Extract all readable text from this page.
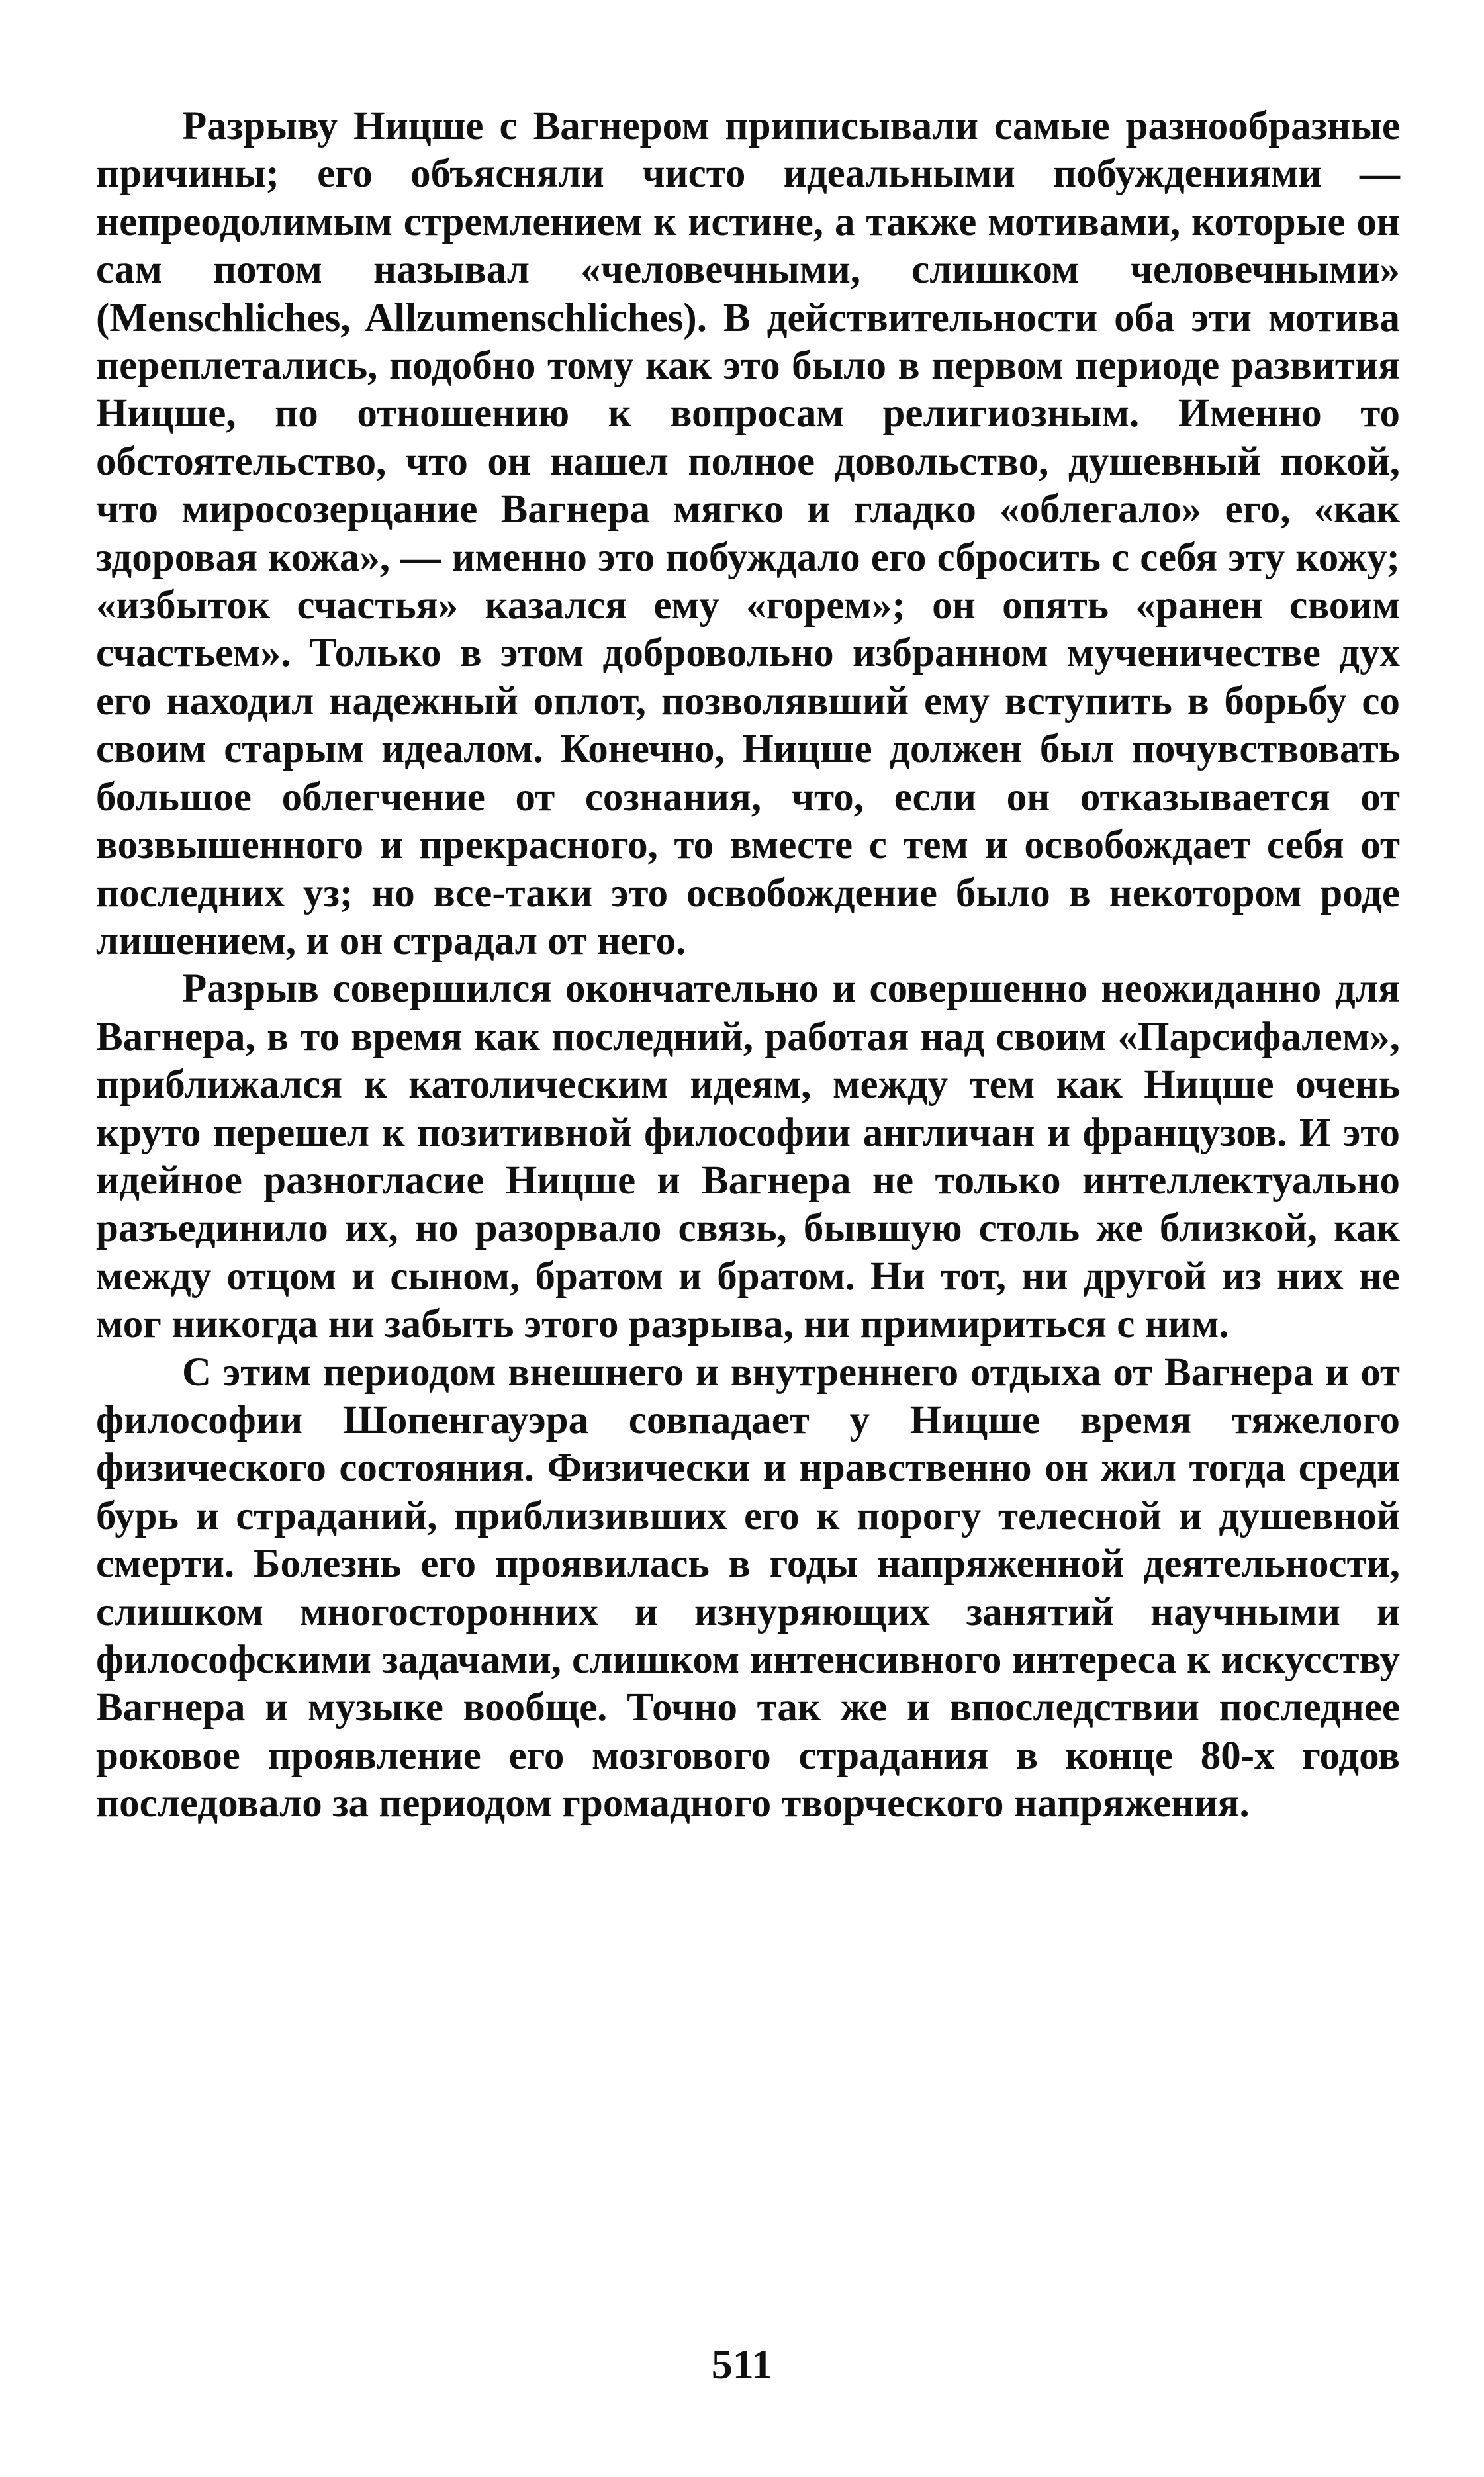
Разрыву Ницше с Вагнером приписывали самые разнообразные причины; его объясняли чисто идеальными побуждениями — непреодолимым стремлением к истине, а также мотивами, которые он сам потом называл «человечными, слишком человечными» (Menschliches, Allzumenschliches). В действительности оба эти мотива переплетались, подобно тому как это было в первом периоде развития Ницше, по отношению к вопросам религиозным. Именно то обстоятельство, что он нашел полное довольство, душевный покой, что миросозерцание Вагнера мягко и гладко «облегало» его, «как здоровая кожа», — именно это побуждало его сбросить с себя эту кожу; «избыток счастья» казался ему «горем»; он опять «ранен своим счастьем». Только в этом добровольно избранном мученичестве дух его находил надежный оплот, позволявший ему вступить в борьбу со своим старым идеалом. Конечно, Ницше должен был почувствовать большое облегчение от сознания, что, если он отказывается от возвышенного и прекрасного, то вместе с тем и освобождает себя от последних уз; но все-таки это освобождение было в некотором роде лишением, и он страдал от него.

Разрыв совершился окончательно и совершенно неожиданно для Вагнера, в то время как последний, работая над своим «Парсифалем», приближался к католическим идеям, между тем как Ницше очень круто перешел к позитивной философии англичан и французов. И это идейное разногласие Ницше и Вагнера не только интеллектуально разъединило их, но разорвало связь, бывшую столь же близкой, как между отцом и сыном, братом и братом. Ни тот, ни другой из них не мог никогда ни забыть этого разрыва, ни примириться с ним.

С этим периодом внешнего и внутреннего отдыха от Вагнера и от философии Шопенгауэра совпадает у Ницше время тяжелого физического состояния. Физически и нравственно он жил тогда среди бурь и страданий, приблизивших его к порогу телесной и душевной смерти. Болезнь его проявилась в годы напряженной деятельности, слишком многосторонних и изнуряющих занятий научными и философскими задачами, слишком интенсивного интереса к искусству Вагнера и музыке вообще. Точно так же и впоследствии последнее роковое проявление его мозгового страдания в конце 80-х годов последовало за периодом громадного творческого напряжения.

511
